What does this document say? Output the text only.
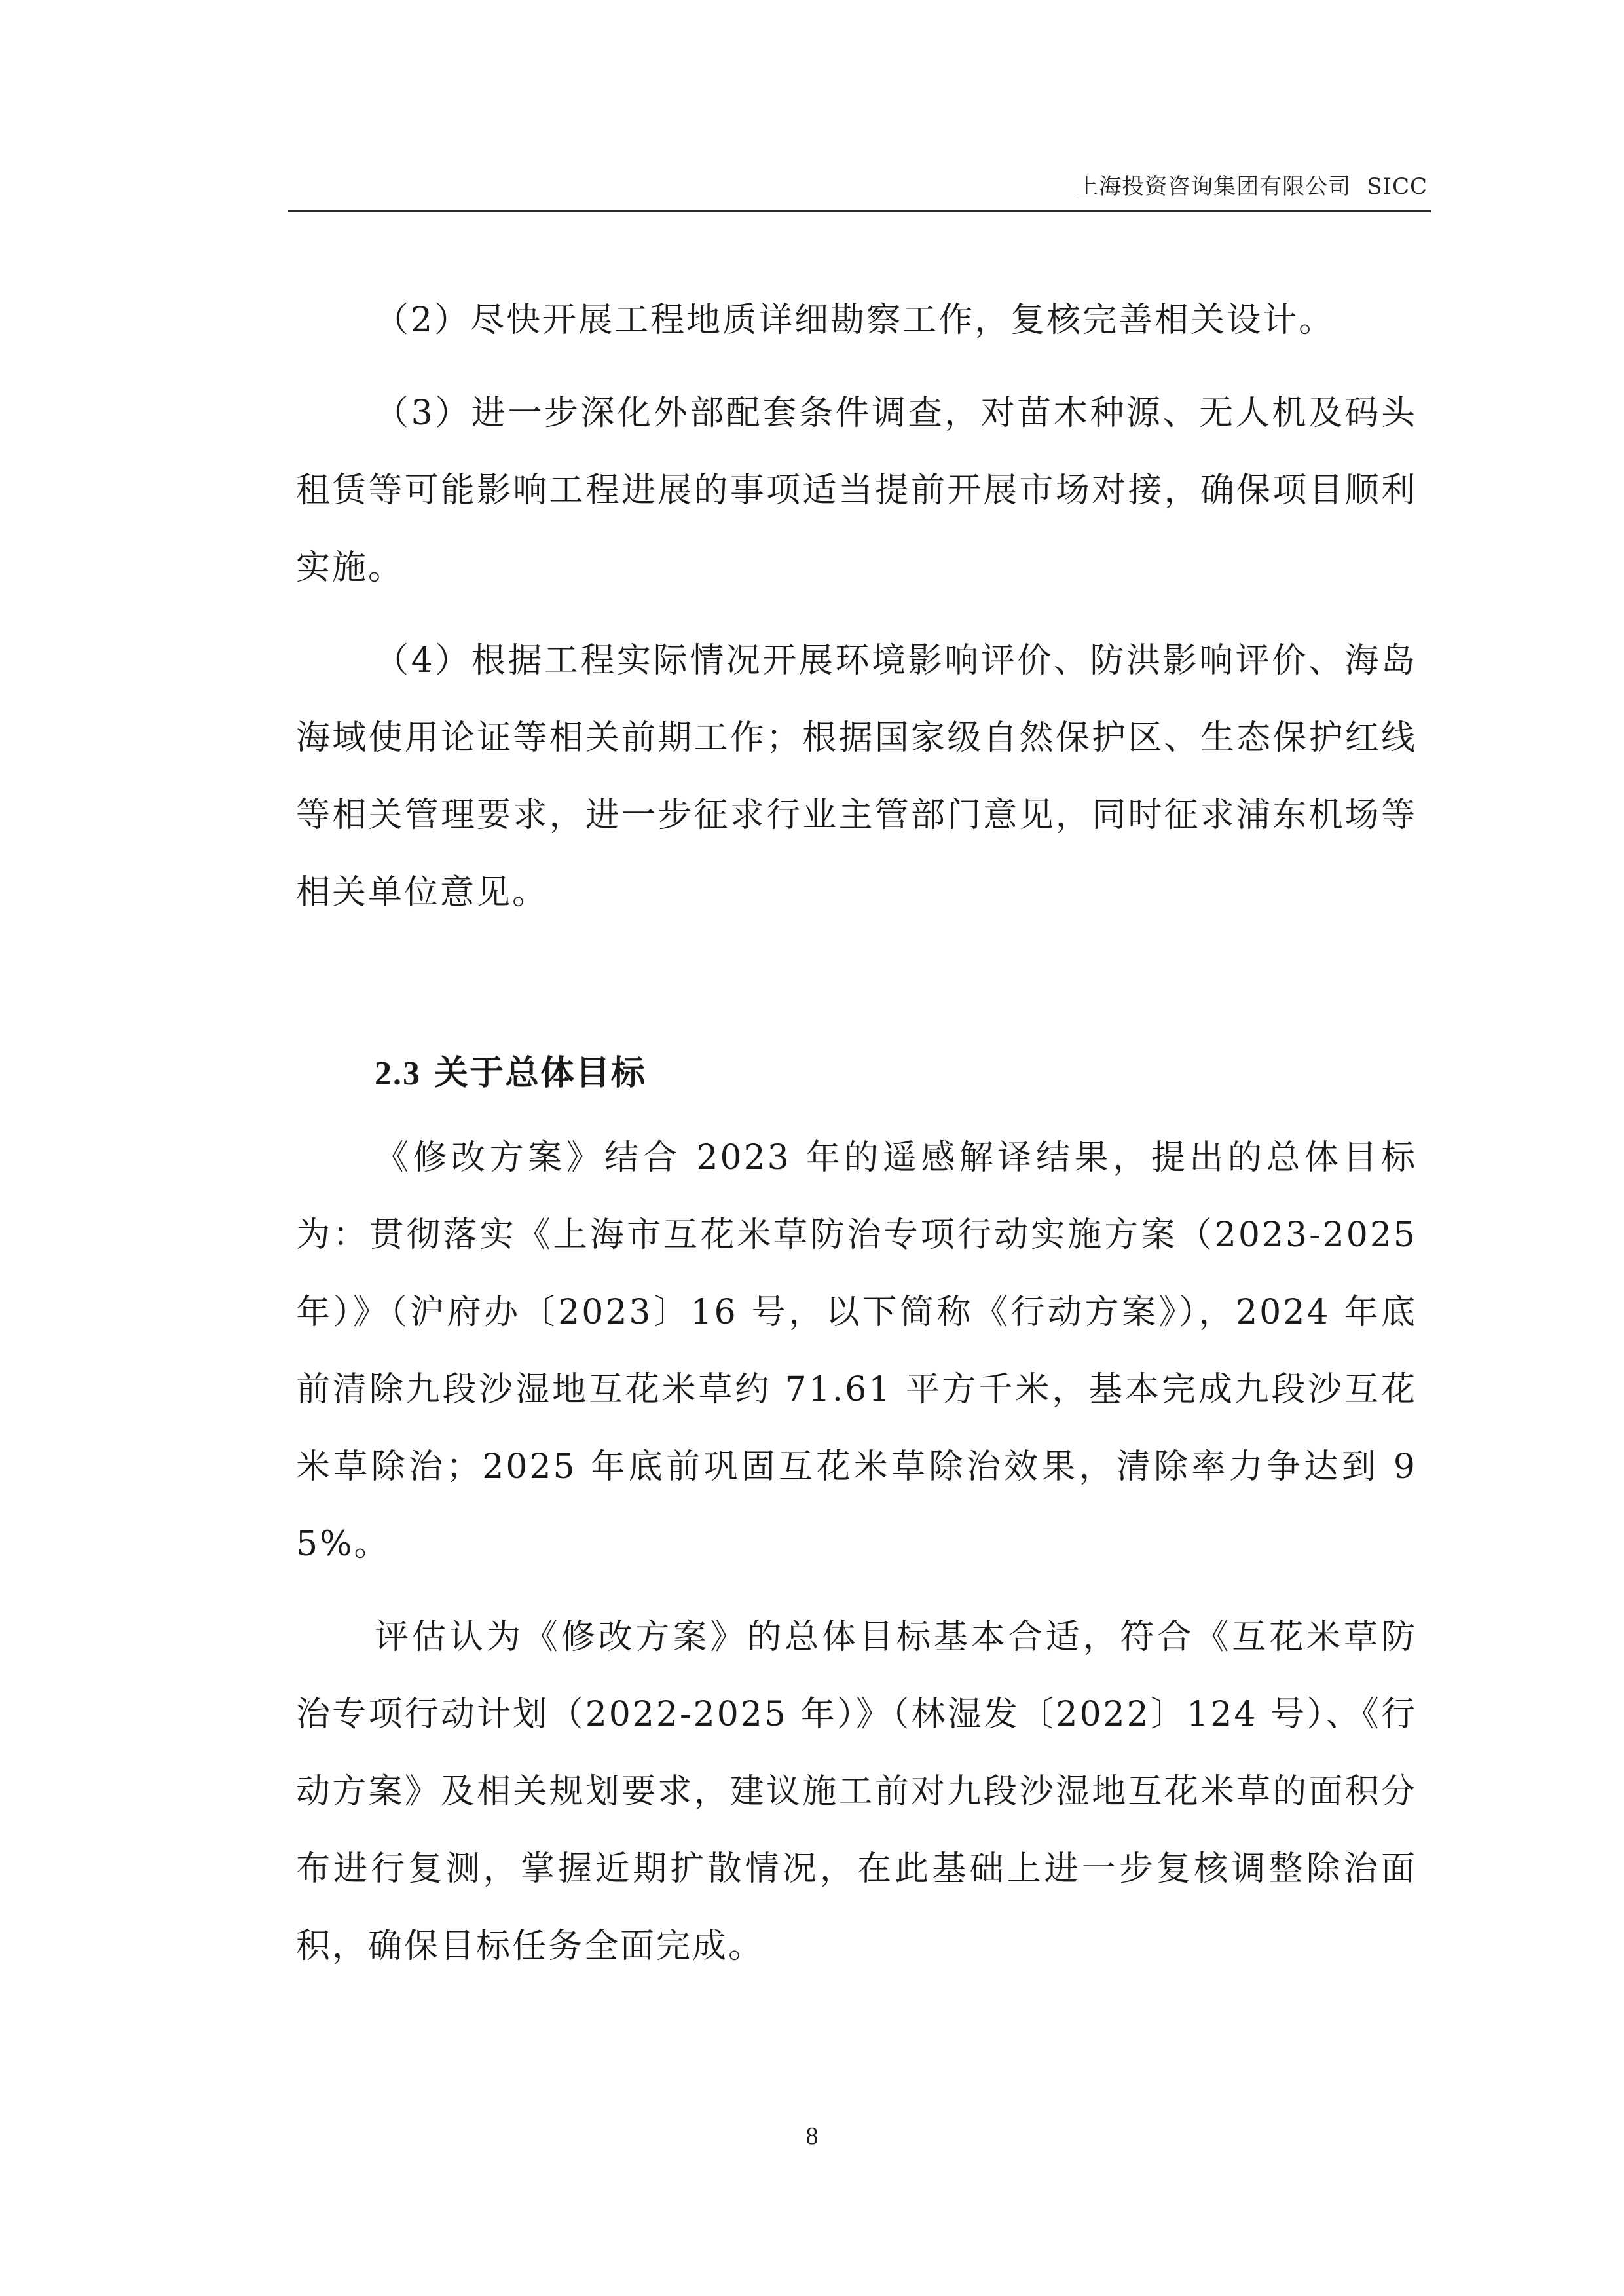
上海投资咨询集团有限公司 SICC

（2）尽快开展工程地质详细勘察工作，复核完善相关设计。

（3）进一步深化外部配套条件调查，对苗木种源、无人机及码头租赁等可能影响工程进展的事项适当提前开展市场对接，确保项目顺利实施。

（4）根据工程实际情况开展环境影响评价、防洪影响评价、海岛海域使用论证等相关前期工作；根据国家级自然保护区、生态保护红线等相关管理要求，进一步征求行业主管部门意见，同时征求浦东机场等相关单位意见。

2.3 关于总体目标

《修改方案》结合 2023 年的遥感解译结果，提出的总体目标为：贯彻落实《上海市互花米草防治专项行动实施方案（2023-2025 年）》（沪府办〔2023〕16 号，以下简称《行动方案》），2024 年底前清除九段沙湿地互花米草约 71.61 平方千米，基本完成九段沙互花米草除治；2025 年底前巩固互花米草除治效果，清除率力争达到 95%。

评估认为《修改方案》的总体目标基本合适，符合《互花米草防治专项行动计划（2022-2025 年）》（林湿发〔2022〕124 号）、《行动方案》及相关规划要求，建议施工前对九段沙湿地互花米草的面积分布进行复测，掌握近期扩散情况，在此基础上进一步复核调整除治面积，确保目标任务全面完成。

8
